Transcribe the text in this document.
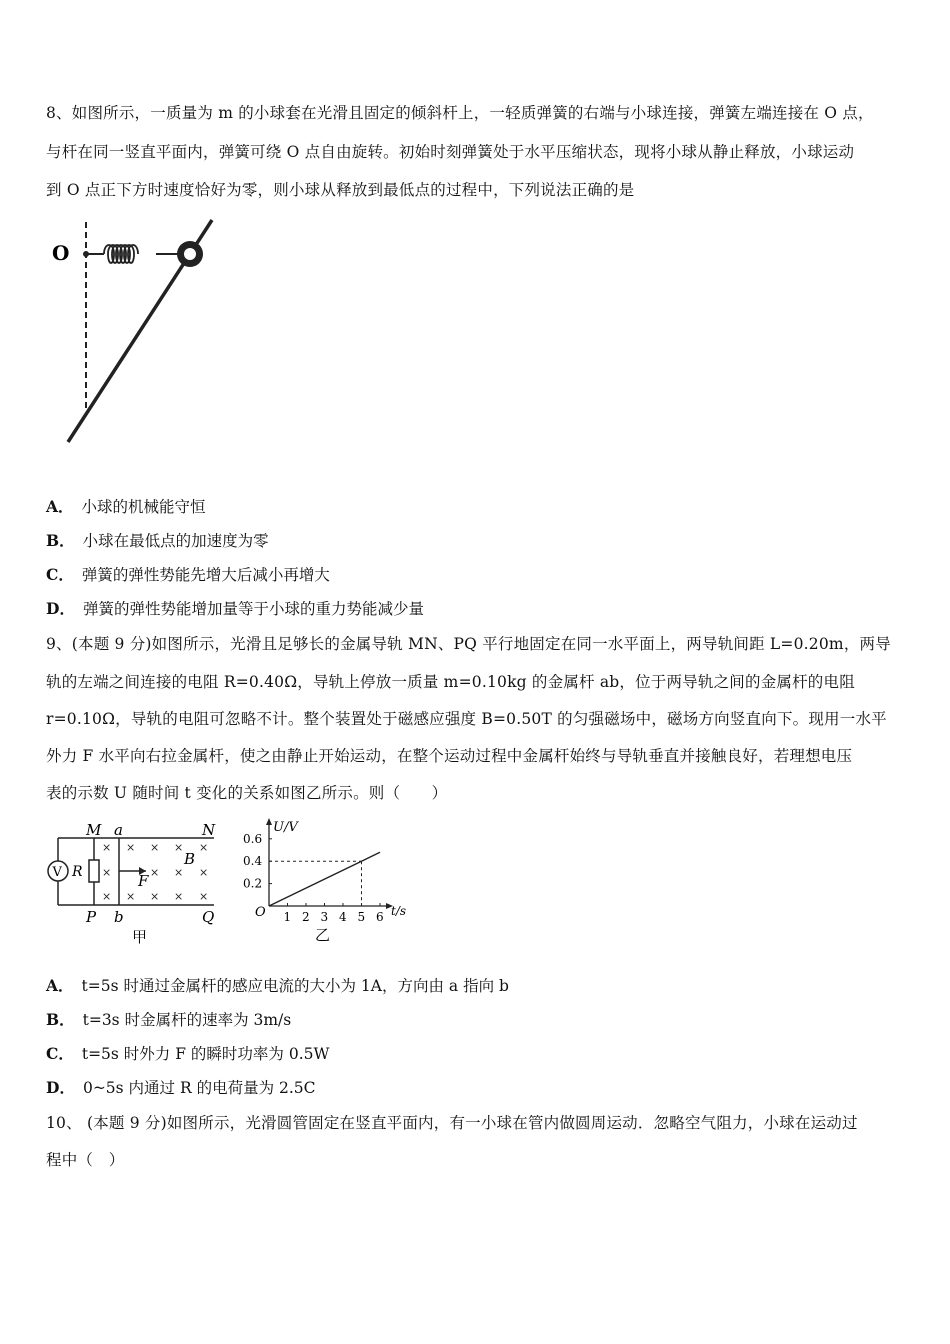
8、如图所示，一质量为 m 的小球套在光滑且固定的倾斜杆上，一轻质弹簧的右端与小球连接，弹簧左端连接在 O 点，
与杆在同一竖直平面内，弹簧可绕 O 点自由旋转。初始时刻弹簧处于水平压缩状态，现将小球从静止释放，小球运动
到 O 点正下方时速度恰好为零，则小球从释放到最低点的过程中，下列说法正确的是
O
A． 小球的机械能守恒
B． 小球在最低点的加速度为零
C． 弹簧的弹性势能先增大后减小再增大
D． 弹簧的弹性势能增加量等于小球的重力势能减少量
9、(本题 9 分)如图所示，光滑且足够长的金属导轨 MN、PQ 平行地固定在同一水平面上，两导轨间距 L=0.20m，两导
轨的左端之间连接的电阻 R=0.40Ω，导轨上停放一质量 m=0.10kg 的金属杆 ab，位于两导轨之间的金属杆的电阻
r=0.10Ω，导轨的电阻可忽略不计。整个装置处于磁感应强度 B=0.50T 的匀强磁场中，磁场方向竖直向下。现用一水平
外力 F 水平向右拉金属杆，使之由静止开始运动，在整个运动过程中金属杆始终与导轨垂直并接触良好，若理想电压
表的示数 U 随时间 t 变化的关系如图乙所示。则（　　）
M a	N
P b	Q
V R
×
×
×
×
×
×
×
×
×
×
×
×
×
×
F
B
甲
U/V
t/s
O 1 2 3 4 5 6
0.2
0.4
0.6
乙
A． t=5s 时通过金属杆的感应电流的大小为 1A，方向由 a 指向 b
B． t=3s 时金属杆的速率为 3m/s
C． t=5s 时外力 F 的瞬时功率为 0.5W
D． 0~5s 内通过 R 的电荷量为 2.5C
10、 (本题 9 分)如图所示，光滑圆管固定在竖直平面内，有一小球在管内做圆周运动．忽略空气阻力，小球在运动过
程中（　）
